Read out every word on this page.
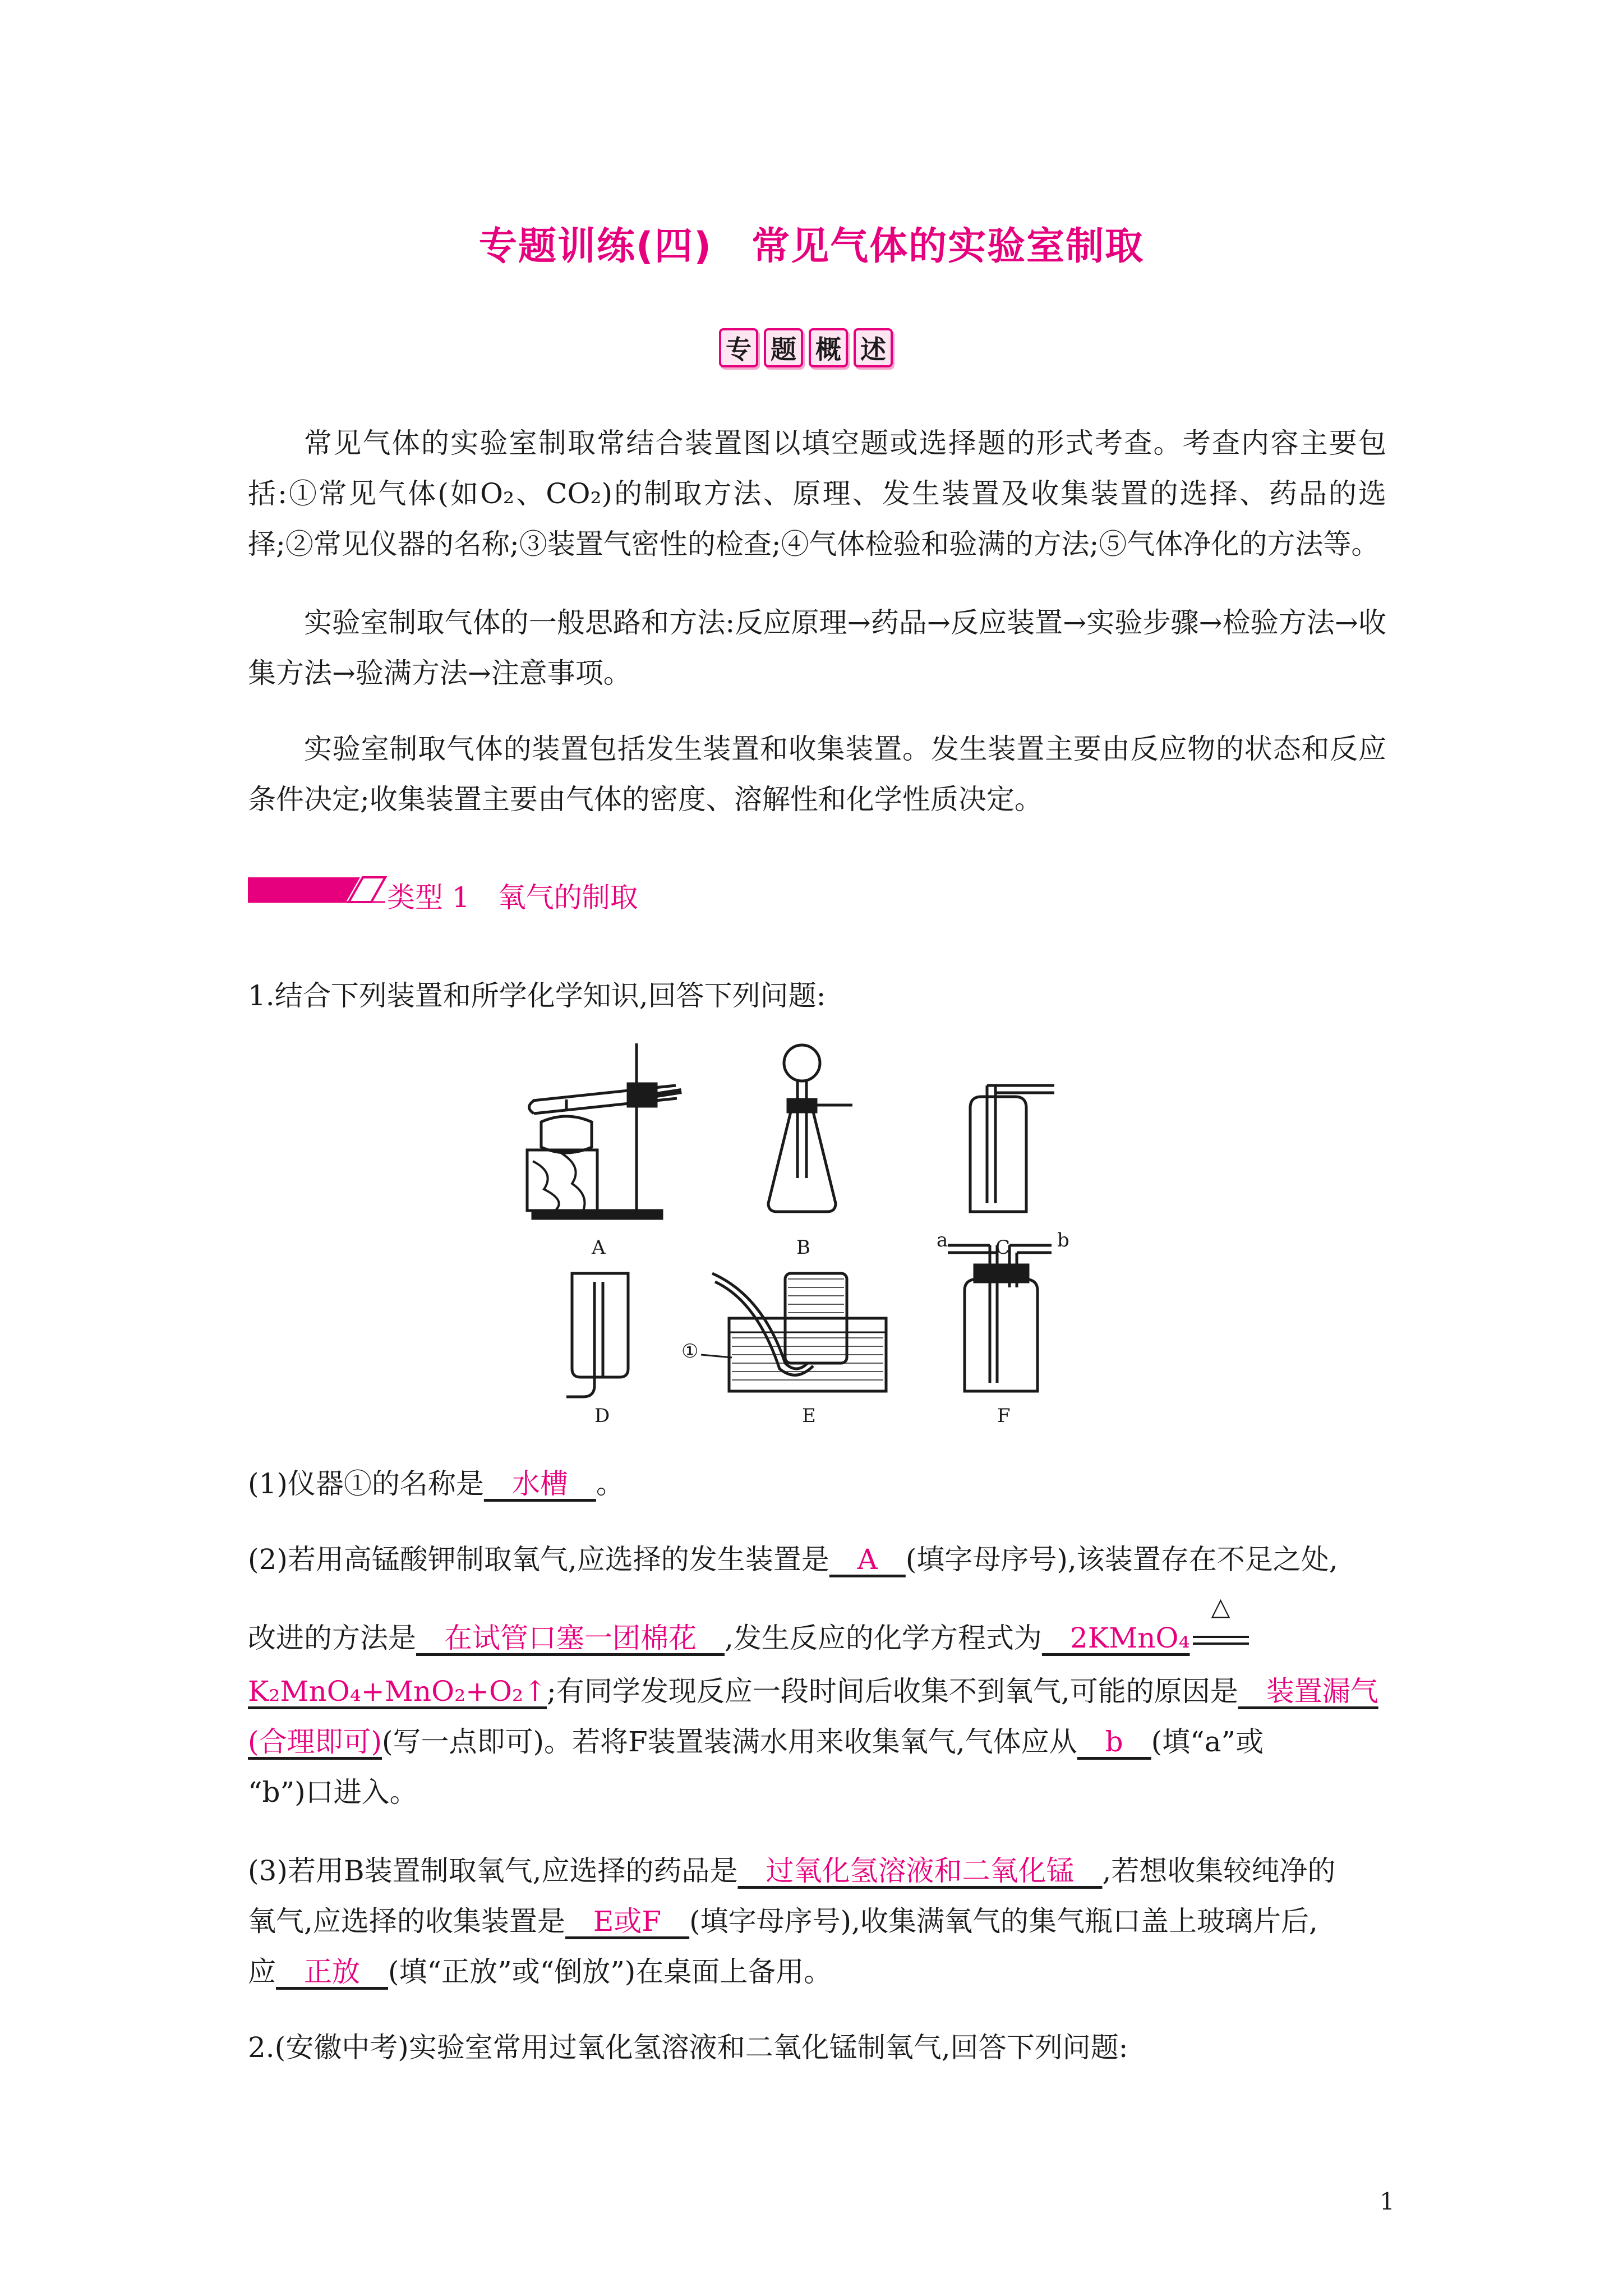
专题训练(四)　常见气体的实验室制取
专 题 概 述
常见气体的实验室制取常结合装置图以填空题或选择题的形式考查。考查内容主要包括:①常见气体(如O₂、CO₂)的制取方法、原理、发生装置及收集装置的选择、药品的选择;②常见仪器的名称;③装置气密性的检查;④气体检验和验满的方法;⑤气体净化的方法等。
实验室制取气体的一般思路和方法:反应原理→药品→反应装置→实验步骤→检验方法→收集方法→验满方法→注意事项。
实验室制取气体的装置包括发生装置和收集装置。发生装置主要由反应物的状态和反应条件决定;收集装置主要由气体的密度、溶解性和化学性质决定。
类型 1　氧气的制取
1.结合下列装置和所学化学知识,回答下列问题:
A	B	C
D	E	F
a	b
①
(1)仪器①的名称是　水槽　。
(2)若用高锰酸钾制取氧气,应选择的发生装置是　A　(填字母序号),该装置存在不足之处,
改进的方法是　在试管口塞一团棉花　,发生反应的化学方程式为　2KMnO₄
△
K₂MnO₄+MnO₂+O₂↑;有同学发现反应一段时间后收集不到氧气,可能的原因是　装置漏气
(合理即可)(写一点即可)。若将F装置装满水用来收集氧气,气体应从　b　(填“a”或
“b”)口进入。
(3)若用B装置制取氧气,应选择的药品是　过氧化氢溶液和二氧化锰　,若想收集较纯净的
氧气,应选择的收集装置是　E或F　(填字母序号),收集满氧气的集气瓶口盖上玻璃片后,
应　正放　(填“正放”或“倒放”)在桌面上备用。
2.(安徽中考)实验室常用过氧化氢溶液和二氧化锰制氧气,回答下列问题:
1
